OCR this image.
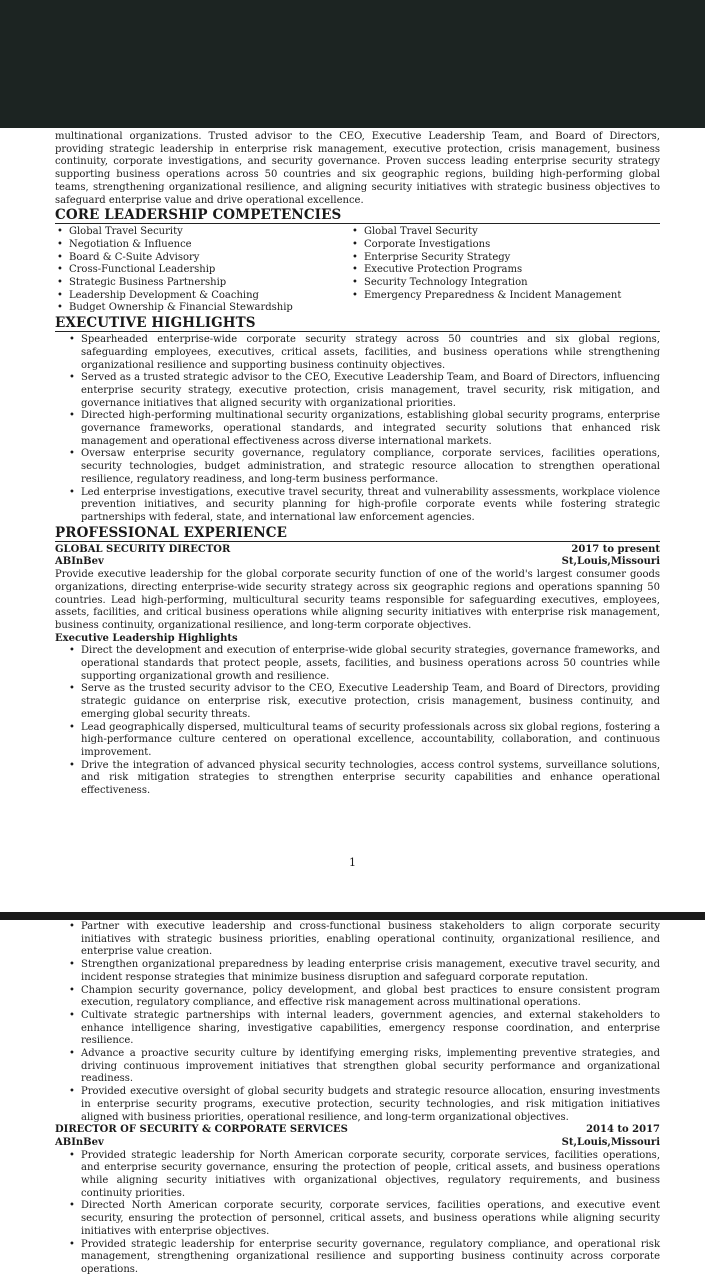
multinational organizations. Trusted advisor to the CEO, Executive Leadership Team, and Board of Directors, providing strategic leadership in enterprise risk management, executive protection, crisis management, business continuity, corporate investigations, and security governance. Proven success leading enterprise security strategy supporting business operations across 50 countries and six geographic regions, building high-performing global teams, strengthening organizational resilience, and aligning security initiatives with strategic business objectives to safeguard enterprise value and drive operational excellence.

CORE LEADERSHIP COMPETENCIES
• Global Travel Security
• Negotiation & Influence
• Board & C-Suite Advisory
• Cross-Functional Leadership
• Strategic Business Partnership
• Leadership Development & Coaching
• Budget Ownership & Financial Stewardship
• Global Travel Security
• Corporate Investigations
• Enterprise Security Strategy
• Executive Protection Programs
• Security Technology Integration
• Emergency Preparedness & Incident Management
EXECUTIVE HIGHLIGHTS
• Spearheaded enterprise-wide corporate security strategy across 50 countries and six global regions, safeguarding employees, executives, critical assets, facilities, and business operations while strengthening organizational resilience and supporting business continuity objectives.
• Served as a trusted strategic advisor to the CEO, Executive Leadership Team, and Board of Directors, influencing enterprise security strategy, executive protection, crisis management, travel security, risk mitigation, and governance initiatives that aligned security with organizational priorities.
• Directed high-performing multinational security organizations, establishing global security programs, enterprise governance frameworks, operational standards, and integrated security solutions that enhanced risk management and operational effectiveness across diverse international markets.
• Oversaw enterprise security governance, regulatory compliance, corporate services, facilities operations, security technologies, budget administration, and strategic resource allocation to strengthen operational resilience, regulatory readiness, and long-term business performance.
• Led enterprise investigations, executive travel security, threat and vulnerability assessments, workplace violence prevention initiatives, and security planning for high-profile corporate events while fostering strategic partnerships with federal, state, and international law enforcement agencies.
PROFESSIONAL EXPERIENCE
GLOBAL SECURITY DIRECTOR	2017 to present
ABInBev	St,Louis,Missouri

Provide executive leadership for the global corporate security function of one of the world's largest consumer goods organizations, directing enterprise-wide security strategy across six geographic regions and operations spanning 50 countries. Lead high-performing, multicultural security teams responsible for safeguarding executives, employees, assets, facilities, and critical business operations while aligning security initiatives with enterprise risk management, business continuity, organizational resilience, and long-term corporate objectives.

Executive Leadership Highlights
• Direct the development and execution of enterprise-wide global security strategies, governance frameworks, and operational standards that protect people, assets, facilities, and business operations across 50 countries while supporting organizational growth and resilience.
• Serve as the trusted security advisor to the CEO, Executive Leadership Team, and Board of Directors, providing strategic guidance on enterprise risk, executive protection, crisis management, business continuity, and emerging global security threats.
• Lead geographically dispersed, multicultural teams of security professionals across six global regions, fostering a high-performance culture centered on operational excellence, accountability, collaboration, and continuous improvement.
• Drive the integration of advanced physical security technologies, access control systems, surveillance solutions, and risk mitigation strategies to strengthen enterprise security capabilities and enhance operational effectiveness.
1
• Partner with executive leadership and cross-functional business stakeholders to align corporate security initiatives with strategic business priorities, enabling operational continuity, organizational resilience, and enterprise value creation.
• Strengthen organizational preparedness by leading enterprise crisis management, executive travel security, and incident response strategies that minimize business disruption and safeguard corporate reputation.
• Champion security governance, policy development, and global best practices to ensure consistent program execution, regulatory compliance, and effective risk management across multinational operations.
• Cultivate strategic partnerships with internal leaders, government agencies, and external stakeholders to enhance intelligence sharing, investigative capabilities, emergency response coordination, and enterprise resilience.
• Advance a proactive security culture by identifying emerging risks, implementing preventive strategies, and driving continuous improvement initiatives that strengthen global security performance and organizational readiness.
• Provided executive oversight of global security budgets and strategic resource allocation, ensuring investments in enterprise security programs, executive protection, security technologies, and risk mitigation initiatives aligned with business priorities, operational resilience, and long-term organizational objectives.
DIRECTOR OF SECURITY & CORPORATE SERVICES	2014 to 2017
ABInBev	St,Louis,Missouri
• Provided strategic leadership for North American corporate security, corporate services, facilities operations, and enterprise security governance, ensuring the protection of people, critical assets, and business operations while aligning security initiatives with organizational objectives, regulatory requirements, and business continuity priorities.
• Directed North American corporate security, corporate services, facilities operations, and executive event security, ensuring the protection of personnel, critical assets, and business operations while aligning security initiatives with enterprise objectives.
• Provided strategic leadership for enterprise security governance, regulatory compliance, and operational risk management, strengthening organizational resilience and supporting business continuity across corporate operations.
